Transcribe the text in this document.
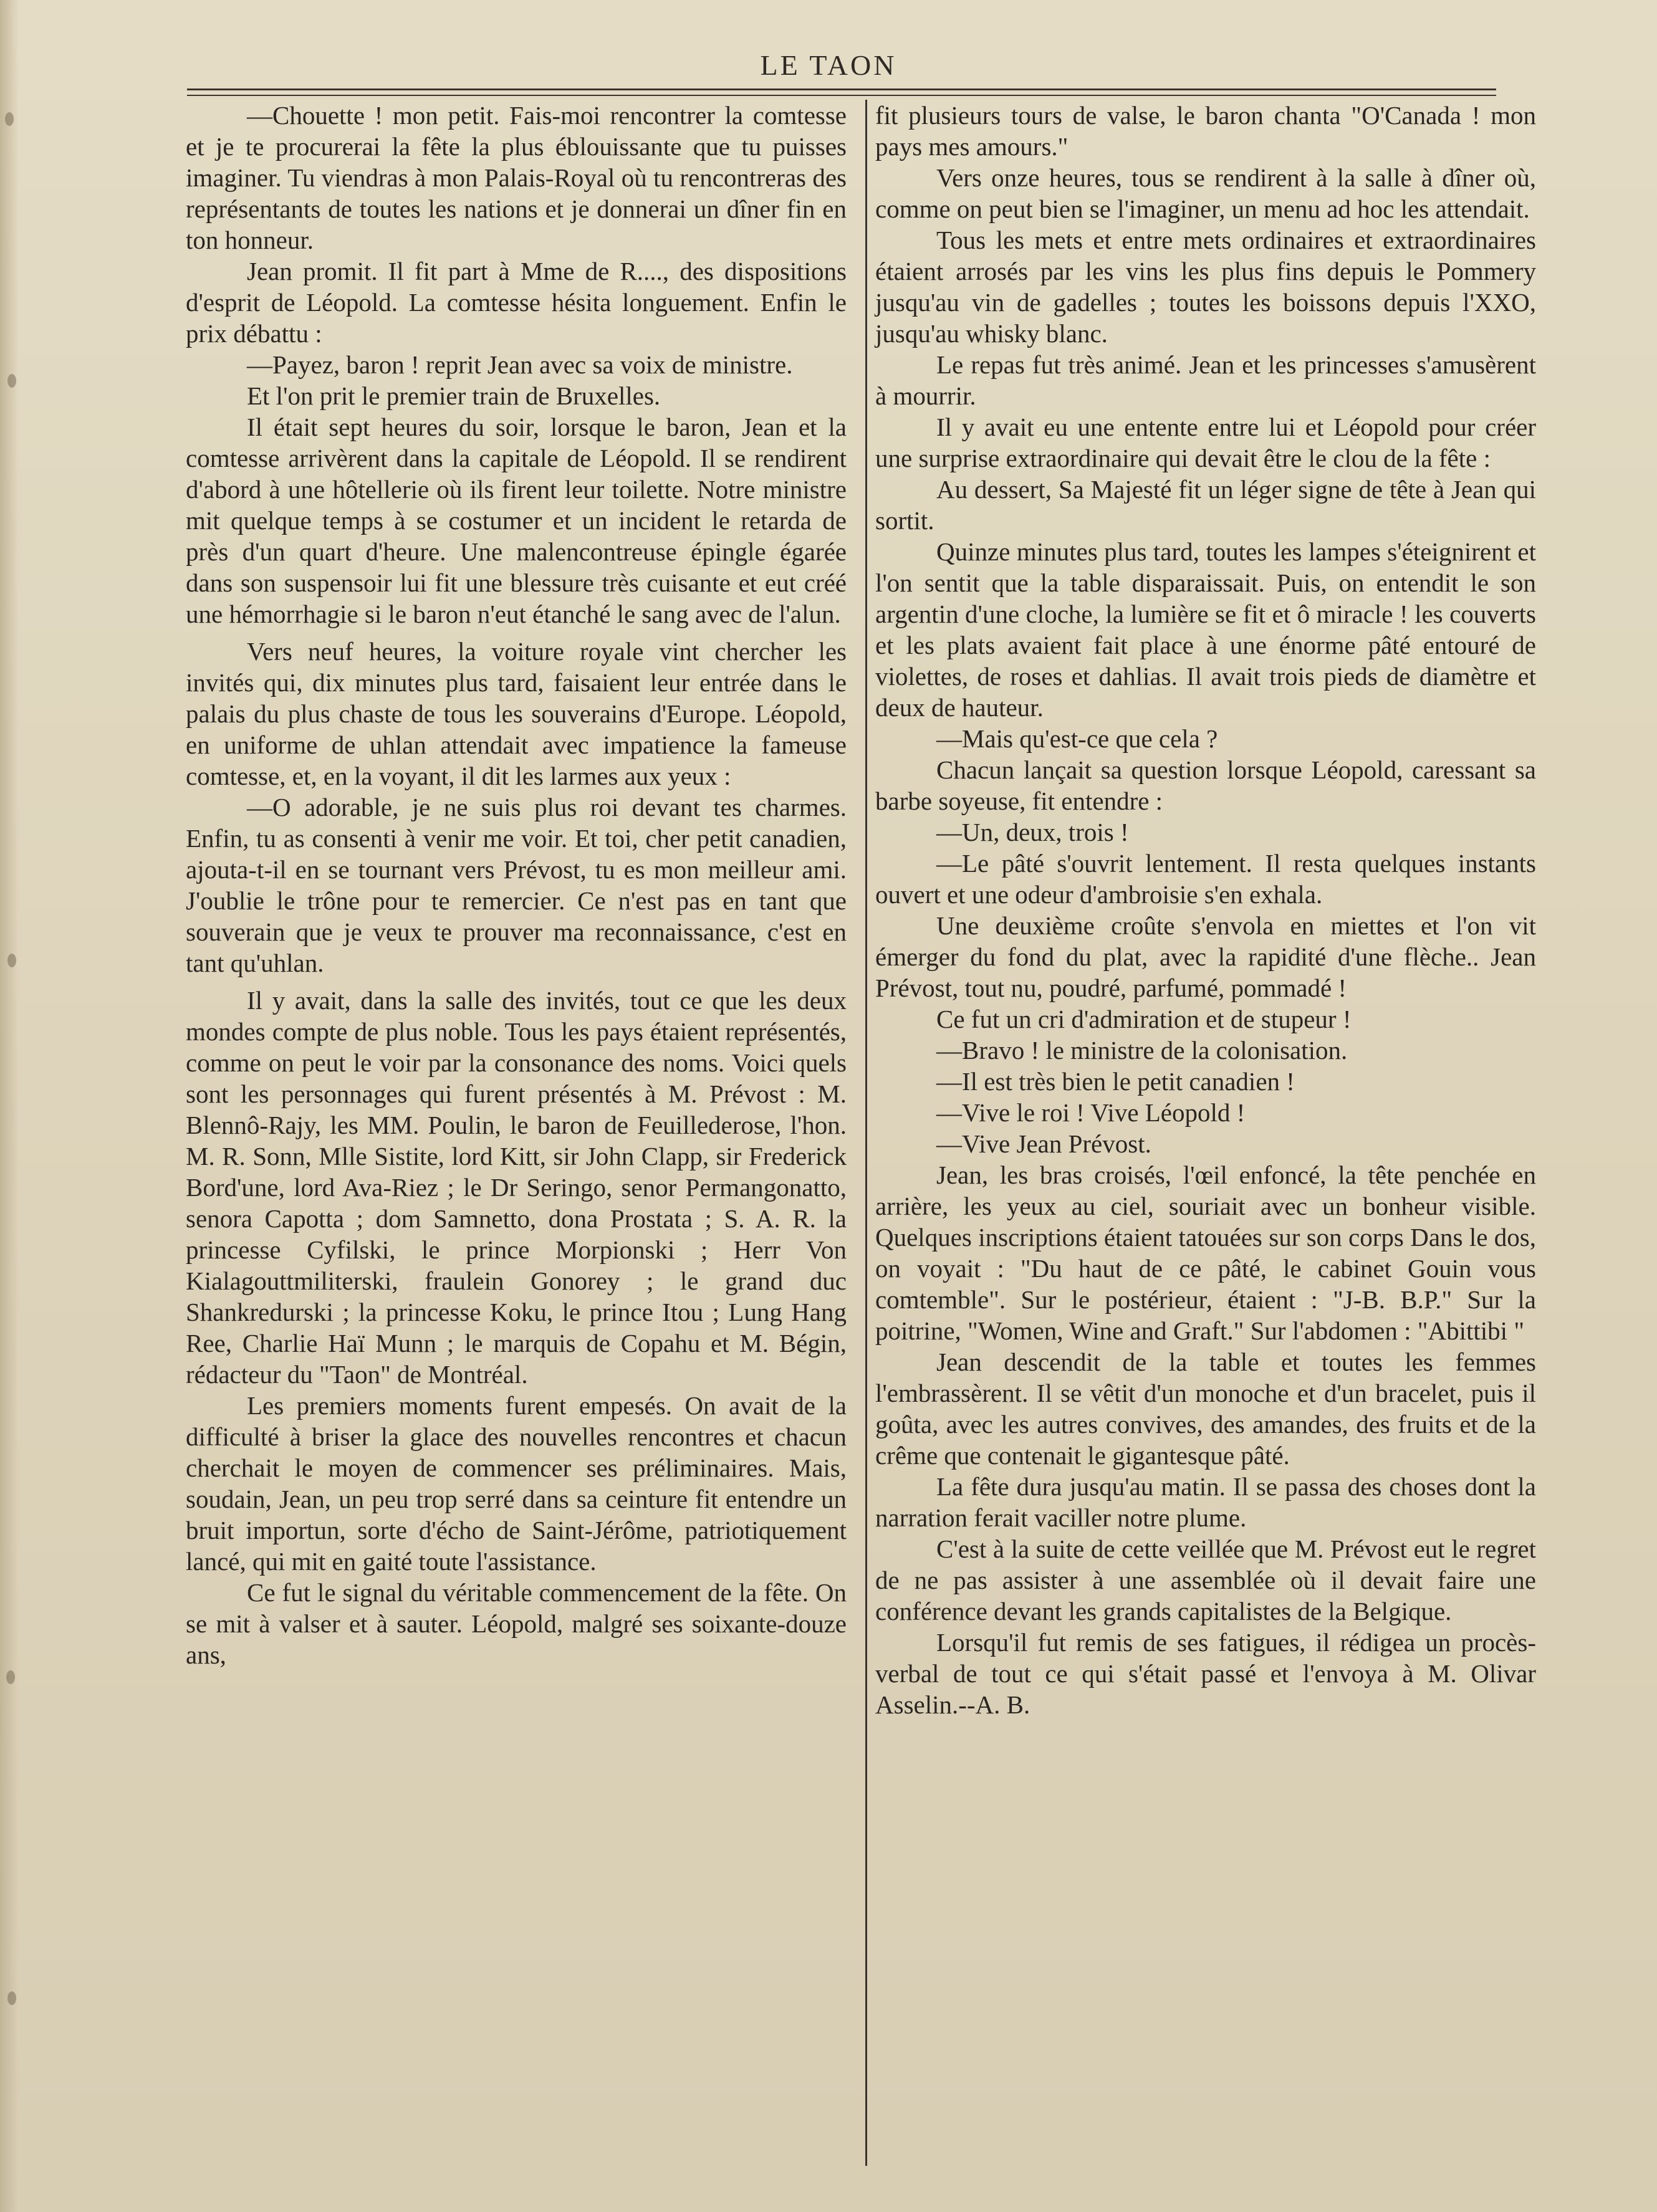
LE TAON

—Chouette ! mon petit. Fais-moi rencontrer la comtesse et je te procurerai la fête la plus éblouissante que tu puisses imaginer. Tu viendras à mon Palais-Royal où tu rencontreras des représentants de toutes les nations et je donnerai un dîner fin en ton honneur.

Jean promit. Il fit part à Mme de R...., des dispositions d'esprit de Léopold. La comtesse hésita longuement. Enfin le prix débattu :

—Payez, baron ! reprit Jean avec sa voix de ministre.

Et l'on prit le premier train de Bruxelles.

Il était sept heures du soir, lorsque le baron, Jean et la comtesse arrivèrent dans la capitale de Léopold. Il se rendirent d'abord à une hôtellerie où ils firent leur toilette. Notre ministre mit quelque temps à se costumer et un incident le retarda de près d'un quart d'heure. Une malencontreuse épingle égarée dans son suspensoir lui fit une blessure très cuisante et eut créé une hémorrhagie si le baron n'eut étanché le sang avec de l'alun.

Vers neuf heures, la voiture royale vint chercher les invités qui, dix minutes plus tard, faisaient leur entrée dans le palais du plus chaste de tous les souverains d'Europe. Léopold, en uniforme de uhlan attendait avec impatience la fameuse comtesse, et, en la voyant, il dit les larmes aux yeux :

—O adorable, je ne suis plus roi devant tes charmes. Enfin, tu as consenti à venir me voir. Et toi, cher petit canadien, ajouta-t-il en se tournant vers Prévost, tu es mon meilleur ami. J'oublie le trône pour te remercier. Ce n'est pas en tant que souverain que je veux te prouver ma reconnaissance, c'est en tant qu'uhlan.

Il y avait, dans la salle des invités, tout ce que les deux mondes compte de plus noble. Tous les pays étaient représentés, comme on peut le voir par la consonance des noms. Voici quels sont les personnages qui furent présentés à M. Prévost : M. Blennô-Rajy, les MM. Poulin, le baron de Feuillederose, l'hon. M. R. Sonn, Mlle Sistite, lord Kitt, sir John Clapp, sir Frederick Bord'une, lord Ava-Riez ; le Dr Seringo, senor Permangonatto, senora Capotta ; dom Samnetto, dona Prostata ; S. A. R. la princesse Cyfilski, le prince Morpionski ; Herr Von Kialagouttmiliterski, fraulein Gonorey ; le grand duc Shankredurski ; la princesse Koku, le prince Itou ; Lung Hang Ree, Charlie Haï Munn ; le marquis de Copahu et M. Bégin, rédacteur du "Taon" de Montréal.

Les premiers moments furent empesés. On avait de la difficulté à briser la glace des nouvelles rencontres et chacun cherchait le moyen de commencer ses préliminaires. Mais, soudain, Jean, un peu trop serré dans sa ceinture fit entendre un bruit importun, sorte d'écho de Saint-Jérôme, patriotiquement lancé, qui mit en gaité toute l'assistance.

Ce fut le signal du véritable commencement de la fête. On se mit à valser et à sauter. Léopold, malgré ses soixante-douze ans,

fit plusieurs tours de valse, le baron chanta "O'Canada ! mon pays mes amours."

Vers onze heures, tous se rendirent à la salle à dîner où, comme on peut bien se l'imaginer, un menu ad hoc les attendait.

Tous les mets et entre mets ordinaires et extraordinaires étaient arrosés par les vins les plus fins depuis le Pommery jusqu'au vin de gadelles ; toutes les boissons depuis l'XXO, jusqu'au whisky blanc.

Le repas fut très animé. Jean et les princesses s'amusèrent à mourrir.

Il y avait eu une entente entre lui et Léopold pour créer une surprise extraordinaire qui devait être le clou de la fête :

Au dessert, Sa Majesté fit un léger signe de tête à Jean qui sortit.

Quinze minutes plus tard, toutes les lampes s'éteignirent et l'on sentit que la table disparaissait. Puis, on entendit le son argentin d'une cloche, la lumière se fit et ô miracle ! les couverts et les plats avaient fait place à une énorme pâté entouré de violettes, de roses et dahlias. Il avait trois pieds de diamètre et deux de hauteur.

—Mais qu'est-ce que cela ?

Chacun lançait sa question lorsque Léopold, caressant sa barbe soyeuse, fit entendre :

—Un, deux, trois !

—Le pâté s'ouvrit lentement. Il resta quelques instants ouvert et une odeur d'ambroisie s'en exhala.

Une deuxième croûte s'envola en miettes et l'on vit émerger du fond du plat, avec la rapidité d'une flèche.. Jean Prévost, tout nu, poudré, parfumé, pommadé !

Ce fut un cri d'admiration et de stupeur !

—Bravo ! le ministre de la colonisation.

—Il est très bien le petit canadien !

—Vive le roi ! Vive Léopold !

—Vive Jean Prévost.

Jean, les bras croisés, l'œil enfoncé, la tête penchée en arrière, les yeux au ciel, souriait avec un bonheur visible. Quelques inscriptions étaient tatouées sur son corps Dans le dos, on voyait : "Du haut de ce pâté, le cabinet Gouin vous comtemble". Sur le postérieur, étaient : "J-B. B.P." Sur la poitrine, "Women, Wine and Graft." Sur l'abdomen : "Abittibi "

Jean descendit de la table et toutes les femmes l'embrassèrent. Il se vêtit d'un monoche et d'un bracelet, puis il goûta, avec les autres convives, des amandes, des fruits et de la crême que contenait le gigantesque pâté.

La fête dura jusqu'au matin. Il se passa des choses dont la narration ferait vaciller notre plume.

C'est à la suite de cette veillée que M. Prévost eut le regret de ne pas assister à une assemblée où il devait faire une conférence devant les grands capitalistes de la Belgique.

Lorsqu'il fut remis de ses fatigues, il rédigea un procès-verbal de tout ce qui s'était passé et l'envoya à M. Olivar Asselin.--A. B.
